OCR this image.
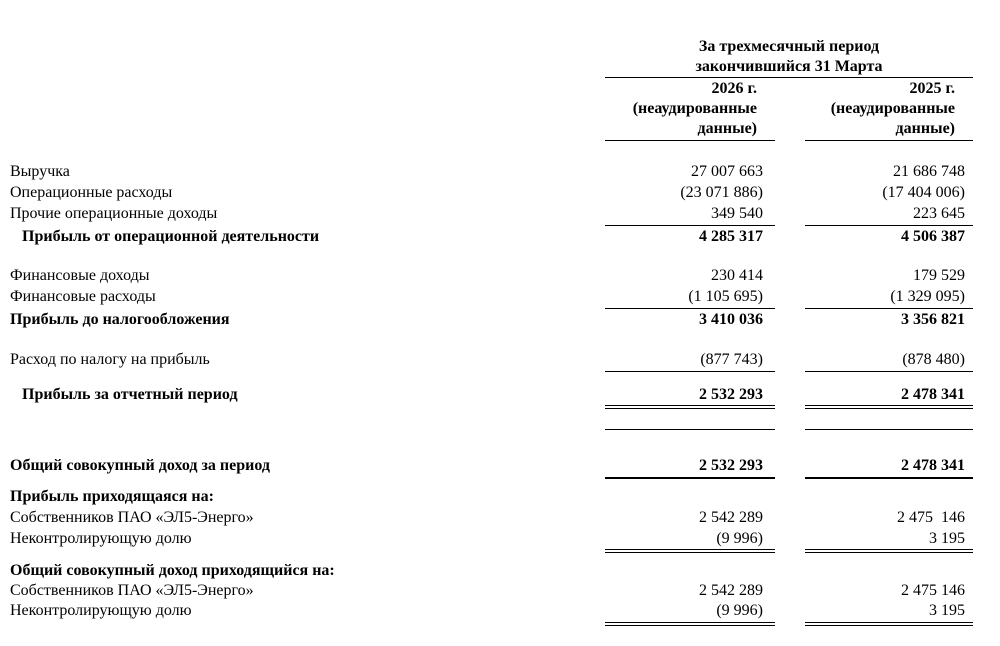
За трехмесячный период
закончившийся 31 Марта
2026 г.
(неаудированные
данные)
2025 г.
(неаудированные
данные)
Выручка	27 007 663	21 686 748
Операционные расходы	(23 071 886)	(17 404 006)
Прочие операционные доходы	349 540	223 645
Прибыль от операционной деятельности	4 285 317	4 506 387
Финансовые доходы	230 414	179 529
Финансовые расходы	(1 105 695)	(1 329 095)
Прибыль до налогообложения	3 410 036	3 356 821
Расход по налогу на прибыль	(877 743)	(878 480)
Прибыль за отчетный период	2 532 293	2 478 341
Общий совокупный доход за период	2 532 293	2 478 341
Прибыль приходящаяся на:
Собственников ПАО «ЭЛ5-Энерго»	2 542 289	2 475  146
Неконтролирующую долю	(9 996)	3 195
Общий совокупный доход приходящийся на:
Собственников ПАО «ЭЛ5-Энерго»	2 542 289	2 475 146
Неконтролирующую долю	(9 996)	3 195
